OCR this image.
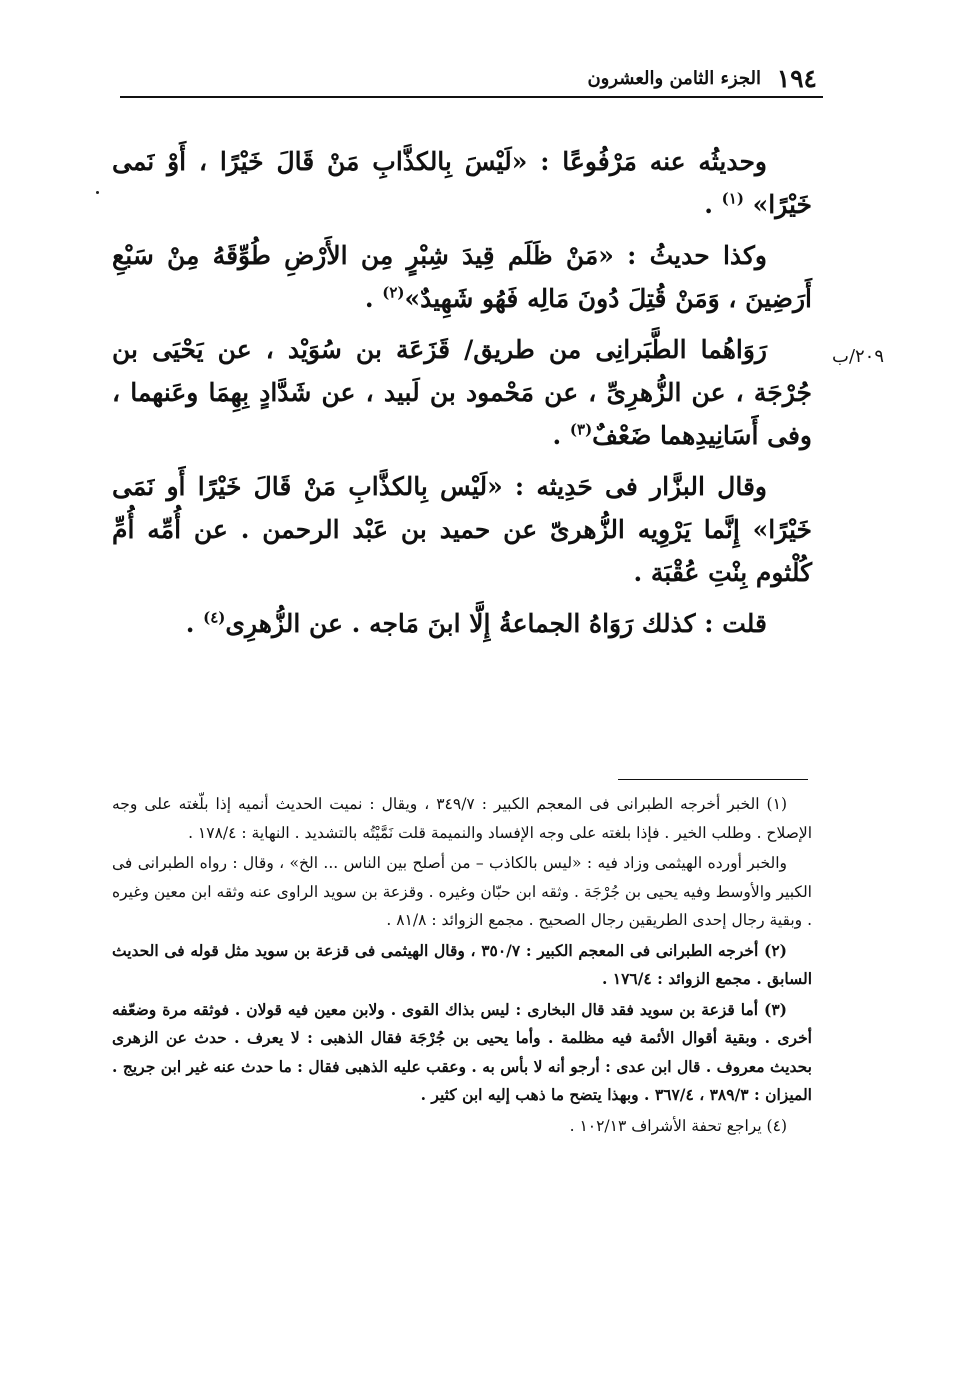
١٩٤
الجزء الثامن والعشرون
٢٠٩/ب

وحديثُه عنه مَرْفُوعًا : «لَيْسَ بِالكذَّابِ مَنْ قَالَ خَيْرًا ، أَوْ نَمى خَيْرًا» $^{(١)}$ .

وكذا حديثُ : «مَنْ ظَلَم قِيدَ شِبْرٍ مِن الأَرْضِ طُوِّقَهُ مِنْ سَبْعِ أَرَضِينَ ، وَمَنْ قُتِلَ دُونَ مَالِه فَهُو شَهِيدٌ»$^{(٢)}$ .

رَوَاهُما الطَّبَرانِى من طريق/ قَزَعَة بن سُوَيْد ، عن يَحْيَى بن جُرْجَة ، عن الزُّهرِىِّ ، عن مَحْمود بن لَبيد ، عن شَدَّادٍ بِهِمَا وعَنهما ، وفى أَسَانِيدِهما ضَعْفٌ$^{(٣)}$ .

وقال البزَّار فى حَدِيثه : «لَيْس بِالكذَّابِ مَنْ قَالَ خَيْرًا أَو نَمَى خَيْرًا» إِنَّما يَرْوِيه الزُّهرىّ عن حميد بن عَبْد الرحمن . عن أُمِّه أُمِّ كُلْثوم بِنْتِ عُقْبَة .

قلت : كذلك رَوَاهُ الجماعةُ إِلَّا ابنَ مَاجه . عن الزُّهرِى$^{(٤)}$ .

(١) الخبر أخرجه الطبرانى فى المعجم الكبير : ٣٤٩/٧ ، ويقال : نميت الحديث أنميه إذا بلّغته على وجه الإصلاح . وطلب الخير . فإذا بلغته على وجه الإفساد والنميمة قلت نَمَّيْتُه بالتشديد . النهاية : ١٧٨/٤ .

والخبر أورده الهيثمى وزاد فيه : «ليس بالكاذب – من أصلح بين الناس ... الخ» ، وقال : رواه الطبرانى فى الكبير والأوسط وفيه يحيى بن جُرْجَة . وثقه ابن حبّان وغيره . وقزعة بن سويد الراوى عنه وثقه ابن معين وغيره . وبقية رجال إحدى الطريقين رجال الصحيح . مجمع الزوائد : ٨١/٨ .

(٢) أخرجه الطبرانى فى المعجم الكبير : ٣٥٠/٧ ، وقال الهيثمى فى قزعة بن سويد مثل قوله فى الحديث السابق . مجمع الزوائد : ١٧٦/٤ .

(٣) أما قزعة بن سويد فقد قال البخارى : ليس بذاك القوى . ولابن معين فيه قولان . فوثقه مرة وضعّفه أخرى . وبقية أقوال الأئمة فيه مظلمة . وأما يحيى بن جُرْجَة فقال الذهبى : لا يعرف . حدث عن الزهرى بحديث معروف . قال ابن عدى : أرجو أنه لا بأس به . وعقب عليه الذهبى فقال : ما حدث عنه غير ابن جريج . الميزان : ٣٨٩/٣ ، ٣٦٧/٤ . وبهذا يتضح ما ذهب إليه ابن كثير .

(٤) يراجع تحفة الأشراف ١٠٢/١٣ .
